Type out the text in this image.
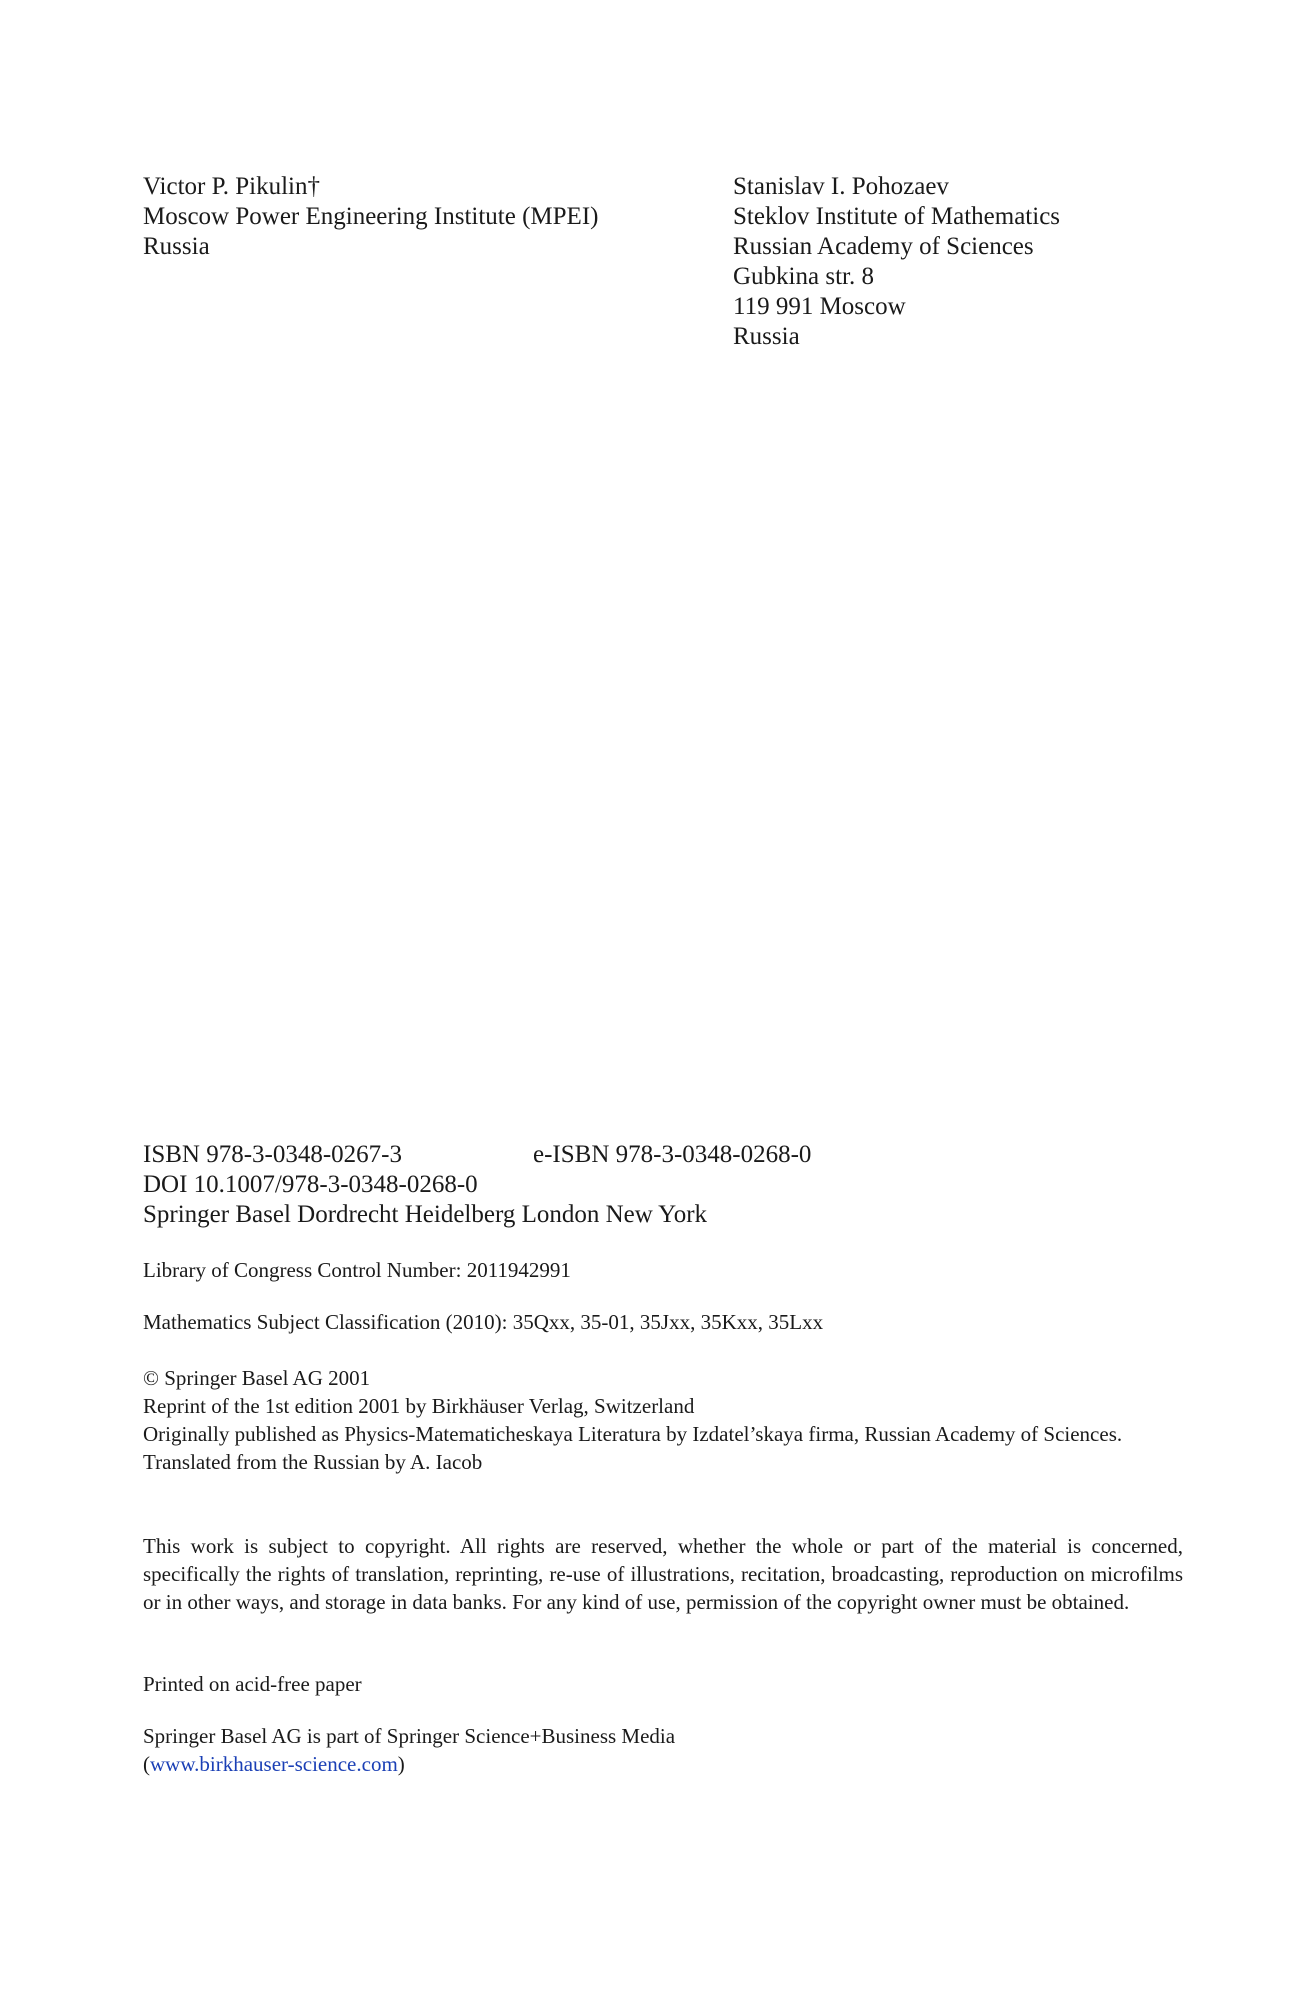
Victor P. Pikulin†
Moscow Power Engineering Institute (MPEI)
Russia
Stanislav I. Pohozaev
Steklov Institute of Mathematics
Russian Academy of Sciences
Gubkina str. 8
119 991 Moscow
Russia
ISBN 978-3-0348-0267-3	e-ISBN 978-3-0348-0268-0
DOI 10.1007/978-3-0348-0268-0
Springer Basel Dordrecht Heidelberg London New York
Library of Congress Control Number: 2011942991
Mathematics Subject Classification (2010): 35Qxx, 35-01, 35Jxx, 35Kxx, 35Lxx
© Springer Basel AG 2001
Reprint of the 1st edition 2001 by Birkhäuser Verlag, Switzerland
Originally published as Physics-Matematicheskaya Literatura by Izdatel’skaya firma, Russian Academy of Sciences.
Translated from the Russian by A. Iacob
This work is subject to copyright. All rights are reserved, whether the whole or part of the material is concerned, specifically the rights of translation, reprinting, re-use of illustrations, recitation, broadcasting, reproduction on microfilms or in other ways, and storage in data banks. For any kind of use, permission of the copyright owner must be obtained.
Printed on acid-free paper
Springer Basel AG is part of Springer Science+Business Media
(www.birkhauser-science.com)
